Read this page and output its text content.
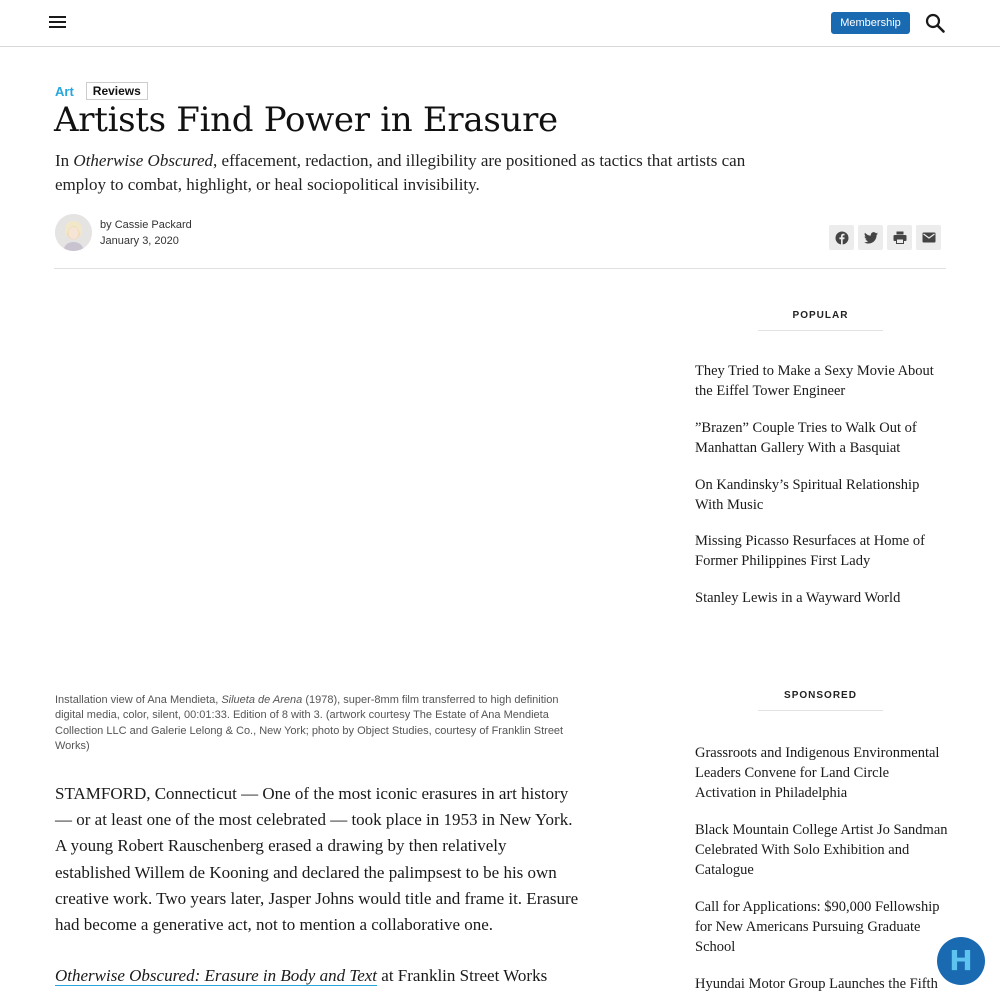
Membership
Art	Reviews
Artists Find Power in Erasure

In Otherwise Obscured, effacement, redaction, and illegibility are positioned as tactics that artists can employ to combat, highlight, or heal sociopolitical invisibility.

by Cassie Packard
January 3, 2020

Installation view of Ana Mendieta, Silueta de Arena (1978), super-8mm film transferred to high definition digital media, color, silent, 00:01:33. Edition of 8 with 3. (artwork courtesy The Estate of Ana Mendieta Collection LLC and Galerie Lelong & Co., New York; photo by Object Studies, courtesy of Franklin Street Works)

STAMFORD, Connecticut — One of the most iconic erasures in art history — or at least one of the most celebrated — took place in 1953 in New York. A young Robert Rauschenberg erased a drawing by then relatively established Willem de Kooning and declared the palimpsest to be his own creative work. Two years later, Jasper Johns would title and frame it. Erasure had become a generative act, not to mention a collaborative one.

Otherwise Obscured: Erasure in Body and Text at Franklin Street Works

POPULAR
They Tried to Make a Sexy Movie About the Eiffel Tower Engineer
”Brazen” Couple Tries to Walk Out of Manhattan Gallery With a Basquiat
On Kandinsky’s Spiritual Relationship With Music
Missing Picasso Resurfaces at Home of Former Philippines First Lady
Stanley Lewis in a Wayward World
SPONSORED
Grassroots and Indigenous Environmental Leaders Convene for Land Circle Activation in Philadelphia
Black Mountain College Artist Jo Sandman Celebrated With Solo Exhibition and Catalogue
Call for Applications: $90,000 Fellowship for New Americans Pursuing Graduate School
Hyundai Motor Group Launches the Fifth
H
